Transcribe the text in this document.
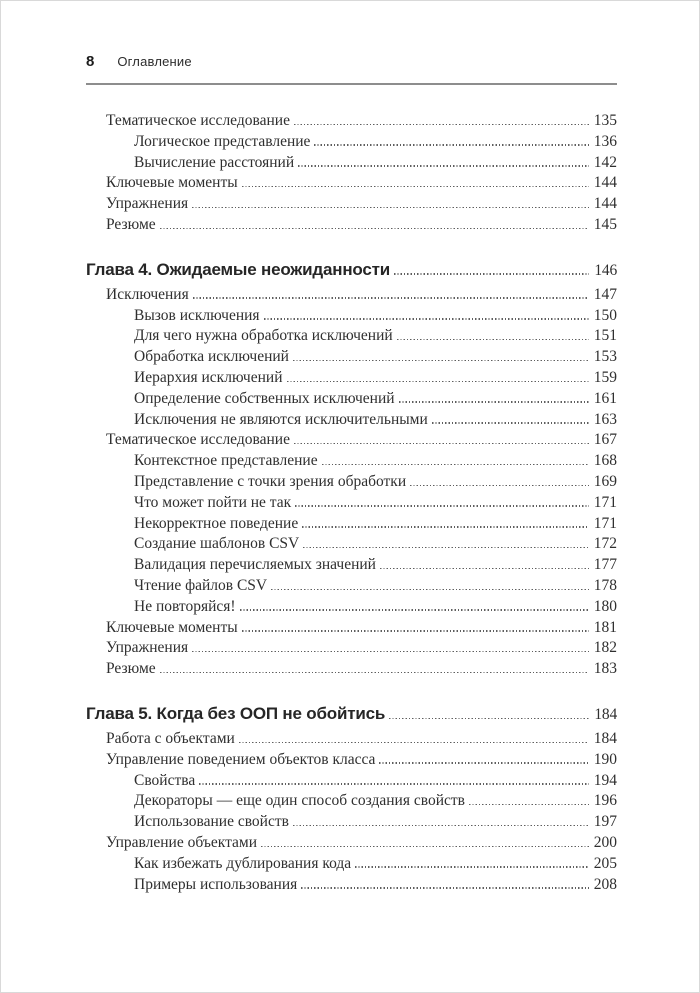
8 Оглавление
Тематическое исследование	135
Логическое представление	136
Вычисление расстояний	142
Ключевые моменты	144
Упражнения	144
Резюме	145
Глава 4. Ожидаемые неожиданности	146
Исключения	147
Вызов исключения	150
Для чего нужна обработка исключений	151
Обработка исключений	153
Иерархия исключений	159
Определение собственных исключений	161
Исключения не являются исключительными	163
Тематическое исследование	167
Контекстное представление	168
Представление с точки зрения обработки	169
Что может пойти не так	171
Некорректное поведение	171
Создание шаблонов CSV	172
Валидация перечисляемых значений	177
Чтение файлов CSV	178
Не повторяйся!	180
Ключевые моменты	181
Упражнения	182
Резюме	183
Глава 5. Когда без ООП не обойтись	184
Работа с объектами	184
Управление поведением объектов класса	190
Свойства	194
Декораторы — еще один способ создания свойств	196
Использование свойств	197
Управление объектами	200
Как избежать дублирования кода	205
Примеры использования	208
